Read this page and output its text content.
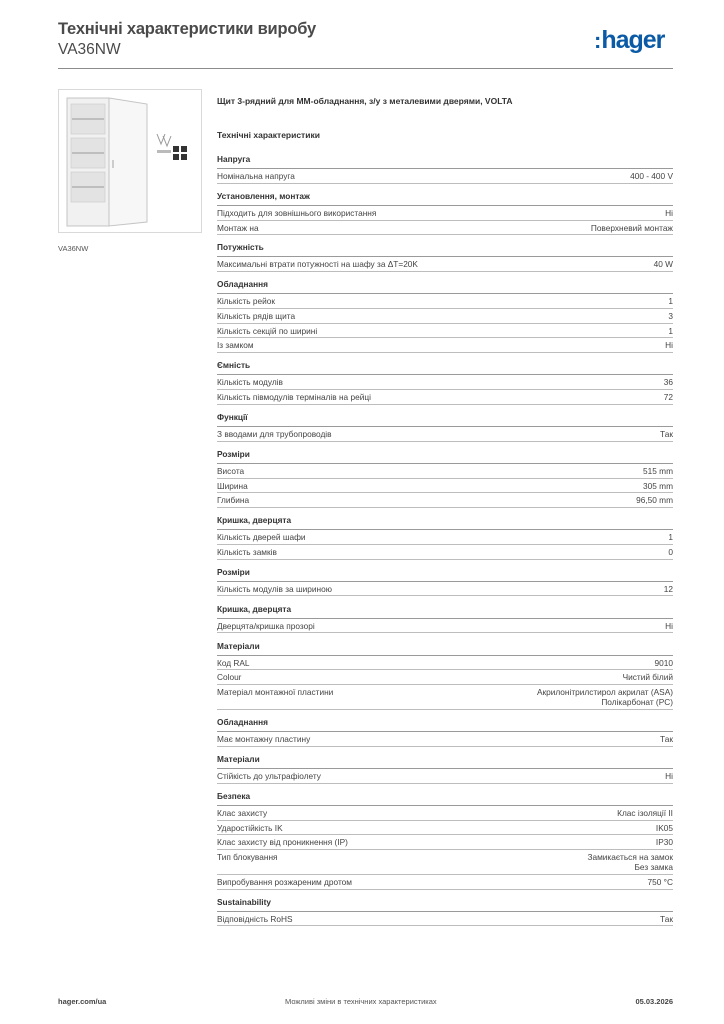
Технічні характеристики виробу
VA36NW	:hager
VA36NW
Щит 3-рядний для ММ-обладнання, з/у з металевими дверями, VOLTA
Технічні характеристики
Напруга
Номінальна напруга	400 - 400 V
Установлення, монтаж
Підходить для зовнішнього використання	Ні
Монтаж на	Поверхневий монтаж
Потужність
Максимальні втрати потужності на шафу за ΔT=20K	40 W
Обладнання
Кількість рейок	1
Кількість рядів щита	3
Кількість секцій по ширині	1
Із замком	Ні
Ємність
Кількість модулів	36
Кількість півмодулів терміналів на рейці	72
Функції
З вводами для трубопроводів	Так
Розміри
Висота	515 mm
Ширина	305 mm
Глибина	96,50 mm
Кришка, дверцята
Кількість дверей шафи	1
Кількість замків	0
Розміри
Кількість модулів за шириною	12
Кришка, дверцята
Дверцята/кришка прозорі	Ні
Матеріали
Код RAL	9010
Colour	Чистий білий
Матеріал монтажної пластини	Акрилонітрилстирол акрилат (ASA)
Полікарбонат (PC)
Обладнання
Має монтажну пластину	Так
Матеріали
Стійкість до ультрафіолету	Ні
Безпека
Клас захисту	Клас ізоляції II
Удароcтійкість IK	IK05
Клас захисту від проникнення (IP)	IP30
Тип блокування	Замикається на замок
Без замка
Випробування розжареним дротом	750 °C
Sustainability
Відповідність RoHS	Так
hager.com/ua	Можливі зміни в технічних характеристиках	05.03.2026
